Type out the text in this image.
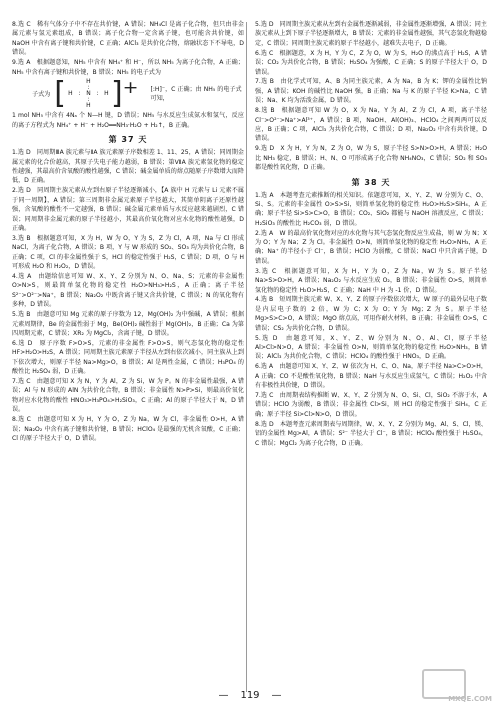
8.选 C　稀有气体分子中不存在共价键，A 错误；NH₄Cl 是离子化合物，但只由非金属元素与氢元素组成，B 错误；离子化合物一定含离子键，也可能含共价键，如 NaOH 中含有离子键和共价键，C 正确；AlCl₃ 是共价化合物，熔融状态下不导电，D 错误。

9.选 A　根据题意知，NH₅ 中含有 NH₄⁺ 和 H⁻，所以 NH₅ 为离子化合物，A 正确；NH₅ 中含有离子键和共价键，B 错误；NH₅ 的电子式为

子式为 [	H
:
H : N : H
:
H ]⁺ [:H]⁻，C 正确；由 NH₅ 的电子式可知，

1 mol NH₅ 中含有 4Nₐ 个 N—H 键，D 错误；NH₅ 与水反应生成氨水和氢气，反应的离子方程式为 NH₄⁺ + H⁻ + H₂O══NH₃·H₂O + H₂↑，B 正确。

第 37 天

1.选 D　同周期ⅢA 族元素与ⅡA 族元素原子序数相差 1、11、25，A 错误；同周期金属元素的化合价越高，其原子失电子能力越弱，B 错误；第ⅦA 族元素氢化物的稳定性越强，其最高价含氧酸的酸性越强，C 错误；碱金属单质的熔点随原子序数增大而降低，D 正确。

2.选 D　同周期主族元素从左到右原子半径逐渐减小，【A 族中 H 元素与 Li 元素不属于同一周期】，A 错误；第三周期非金属元素原子半径越大，其简单阴离子还原性越强，含氧酸的酸性不一定越强，B 错误；碱金属元素单质与水反应越来越剧烈，C 错误；同周期非金属元素的原子半径越小，其最高价氧化物对应水化物的酸性越强，D 正确。

3.选 B　根据题意可知，X 为 H，W 为 O，Y 为 S，Z 为 Cl，A 项，Na 与 Cl 形成 NaCl，为离子化合物，A 错误；B 项，Y 与 W 形成的 SO₂、SO₃ 均为共价化合物，B 正确；C 项，Cl 的非金属性强于 S，HCl 的稳定性强于 H₂S，C 错误；D 项，O 与 H 可形成 H₂O 和 H₂O₂，D 错误。

4.选 A　由题给信息可知 W、X、Y、Z 分别为 N、O、Na、S；元素的非金属性 O>N>S，则最简单氢化物的稳定性 H₂O>NH₃>H₂S，A 正确；离子半径 S²⁻>O²⁻>Na⁺，B 错误；Na₂O₂ 中既含离子键又含共价键，C 错误；N 的氧化物有多种，D 错误。

5.选 B　由题意可知 Mg 元素的原子序数为 12，Mg(OH)₂ 为中强碱，A 错误；根据元素周期律，Be 的金属性弱于 Mg，Be(OH)₂ 碱性弱于 Mg(OH)₂，B 正确；Ca 为第四周期元素，C 错误；XR₂ 为 MgCl₂，含离子键，D 错误。

6.选 D　原子序数 F>O>S，元素的非金属性 F>O>S，则气态氢化物的稳定性 HF>H₂O>H₂S，A 错误；同周期主族元素原子半径从左到右依次减小，同主族从上到下依次增大，则原子半径 Na>Mg>O，B 错误；Al 是两性金属，C 错误；H₃PO₄ 的酸性比 H₂SO₄ 弱，D 正确。

7.选 C　由题意可知 X 为 N，Y 为 Al，Z 为 Si，W 为 P。N 的非金属性最强，A 错误；Al 与 N 形成的 AlN 为共价化合物，B 错误；非金属性 N>P>Si，则最高价氧化物对应水化物的酸性 HNO₃>H₃PO₄>H₂SiO₃，C 正确；Al 的原子半径大于 N，D 错误。

8.选 C　由题意可知 X 为 H，Y 为 O，Z 为 Na，W 为 Cl，非金属性 O>H，A 错误；Na₂O₂ 中含有离子键和共价键，B 错误；HClO₄ 是最强的无机含氧酸，C 正确；Cl 的原子半径大于 O，D 错误。

5.选 D　同周期主族元素从左到右金属性逐渐减弱，非金属性逐渐增强，A 错误；同主族元素从上到下原子半径逐渐增大，B 错误；元素的非金属性越强，其气态氢化物越稳定，C 错误；同周期主族元素的原子半径越小，越难失去电子，D 正确。

6.选 C　根据题意，X 为 H，Y 为 C，Z 为 O，W 为 S，H₂O 的沸点高于 H₂S，A 错误；CO₂ 为共价化合物，B 错误；H₂SO₄ 为强酸，C 正确；S 的原子半径大于 O，D 错误。

7.选 B　由化学式可知，A、B 为同主族元素，A 为 Na，B 为 K；钾的金属性比钠强，A 错误；KOH 的碱性比 NaOH 强，B 正确；Na 与 K 的原子半径 K>Na，C 错误；Na、K 均为活泼金属，D 错误。

8.选 B　根据题意可知 W 为 O，X 为 Na，Y 为 Al，Z 为 Cl，A 项，离子半径 Cl⁻>O²⁻>Na⁺>Al³⁺，A 错误；B 项，NaOH、Al(OH)₃、HClO₄ 之间两两可以反应，B 正确；C 项，AlCl₃ 为共价化合物，C 错误；D 项，Na₂O₂ 中含有共价键，D 错误。

9.选 D　X 为 H，Y 为 N，Z 为 O，W 为 S，原子半径 S>N>O>H，A 错误；H₂O 比 NH₃ 稳定，B 错误；H、N、O 可形成离子化合物 NH₄NO₃，C 错误；SO₂ 和 SO₃ 都是酸性氧化物，D 正确。

第 38 天

1.选 A　本题考查元素推断的相关知识。依题意可知，X、Y、Z、W 分别为 C、O、Si、S。元素的非金属性 O>S>Si，则简单氢化物的稳定性 H₂O>H₂S>SiH₄，A 正确；原子半径 Si>S>C>O，B 错误；CO₂、SiO₂ 都能与 NaOH 溶液反应，C 错误；H₂SiO₃ 的酸性比 H₂CO₃ 弱，D 错误。

2.选 A　W 的最高价氧化物对应的水化物与其气态氢化物反应生成盐，则 W 为 N；X 为 O；Y 为 Na；Z 为 Cl。非金属性 O>N，则简单氢化物的稳定性 H₂O>NH₃，A 正确；Na⁺ 的半径小于 Cl⁻，B 错误；HClO 为弱酸，C 错误；NaCl 中只含离子键，D 错误。

3.选 C　根据题意可知，X 为 H，Y 为 O，Z 为 Na，W 为 S。原子半径 Na>S>O>H，A 错误；Na₂O₂ 与水反应生成 O₂，B 错误；非金属性 O>S，则简单氢化物的稳定性 H₂O>H₂S，C 正确；NaH 中 H 为 -1 价，D 错误。

4.选 B　短周期主族元素 W、X、Y、Z 的原子序数依次增大，W 原子的最外层电子数是内层电子数的 2 倍，W 为 C；X 为 O；Y 为 Mg；Z 为 S。原子半径 Mg>S>C>O，A 错误；MgO 熔点高，可用作耐火材料，B 正确；非金属性 O>S，C 错误；CS₂ 为共价化合物，D 错误。

5.选 D　由题意可知，X、Y、Z、W 分别为 N、O、Al、Cl，原子半径 Al>Cl>N>O，A 错误；非金属性 O>N，则简单氢化物的稳定性 H₂O>NH₃，B 错误；AlCl₃ 为共价化合物，C 错误；HClO₄ 的酸性强于 HNO₃，D 正确。

6.选 A　由题意可知 X、Y、Z、W 依次为 H、C、O、Na，原子半径 Na>C>O>H，A 正确；CO 不是酸性氧化物，B 错误；NaH 与水反应生成氢气，C 错误；H₂O₂ 中含有非极性共价键，D 错误。

7.选 C　由周期表结构推断 W、X、Y、Z 分别为 N、O、Si、Cl，SiO₂ 不溶于水，A 错误；HClO 为弱酸，B 错误；非金属性 Cl>Si，则 HCl 的稳定性强于 SiH₄，C 正确；原子半径 Si>Cl>N>O，D 错误。

8.选 D　本题考查元素周期表与周期律，W、X、Y、Z 分别为 Mg、Al、S、Cl，镁、铝的金属性 Mg>Al，A 错误；S²⁻ 半径大于 Cl⁻，B 错误；HClO₄ 酸性强于 H₂SO₄，C 错误；MgCl₂ 为离子化合物，D 正确。

— 119 —	MXQE.COM
